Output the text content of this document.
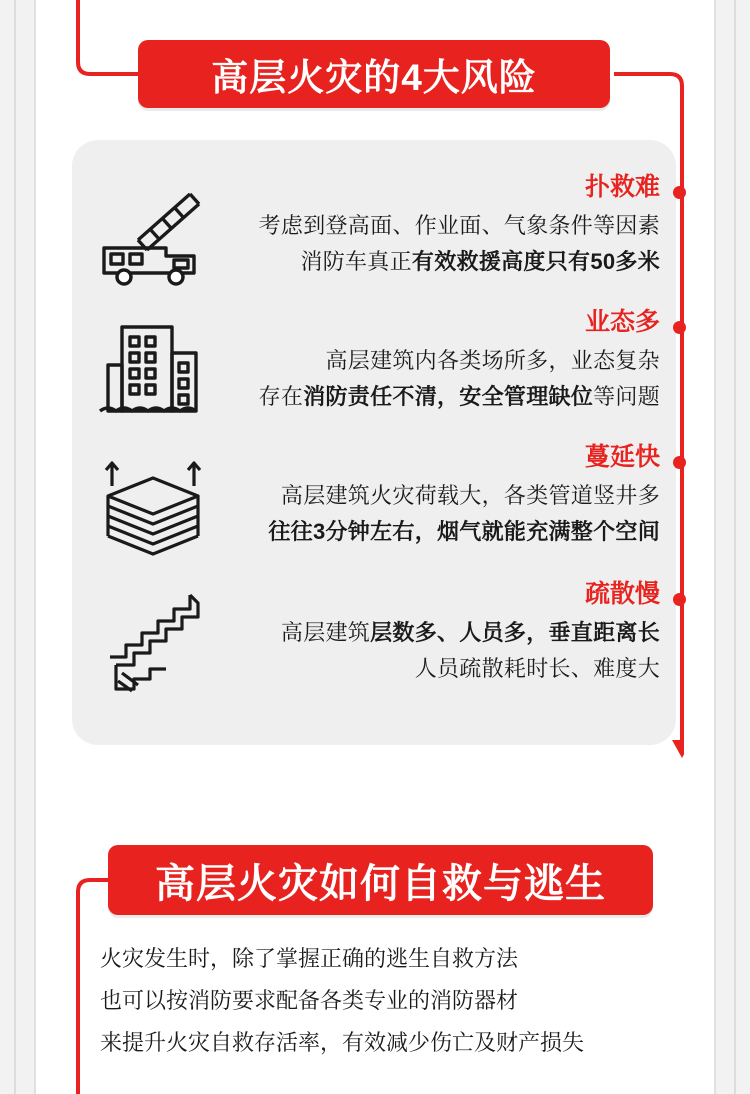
高层火灾的4大风险
扑救难
考虑到登高面、作业面、气象条件等因素
消防车真正有效救援高度只有50多米
业态多
高层建筑内各类场所多，业态复杂
存在消防责任不清，安全管理缺位等问题
蔓延快
高层建筑火灾荷载大，各类管道竖井多
往往3分钟左右，烟气就能充满整个空间
疏散慢
高层建筑层数多、人员多，垂直距离长
人员疏散耗时长、难度大
高层火灾如何自救与逃生
火灾发生时，除了掌握正确的逃生自救方法
也可以按消防要求配备各类专业的消防器材
来提升火灾自救存活率，有效减少伤亡及财产损失
